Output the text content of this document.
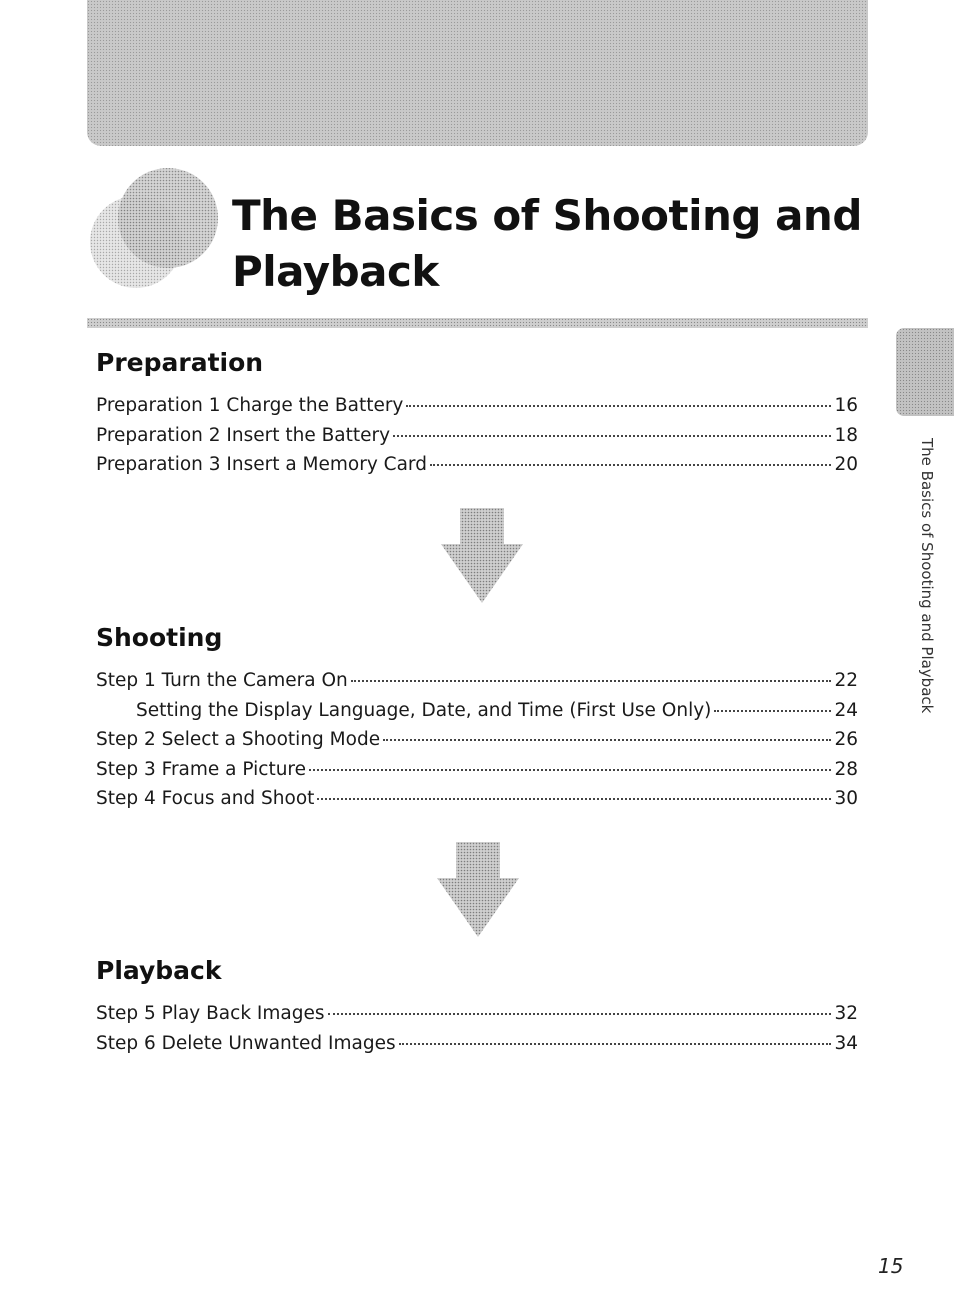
The Basics of Shooting and
Playback
The Basics of Shooting and Playback
Preparation
Preparation 1 Charge the Battery	16
Preparation 2 Insert the Battery	18
Preparation 3 Insert a Memory Card	20
Shooting
Step 1 Turn the Camera On	22
Setting the Display Language, Date, and Time (First Use Only)	24
Step 2 Select a Shooting Mode	26
Step 3 Frame a Picture	28
Step 4 Focus and Shoot	30
Playback
Step 5 Play Back Images	32
Step 6 Delete Unwanted Images	34
15
